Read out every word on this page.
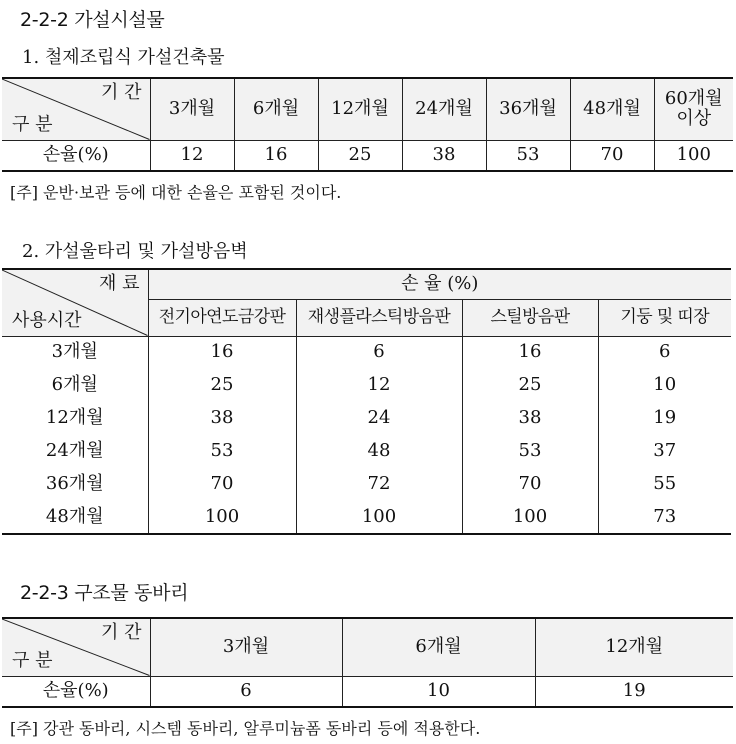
2-2-2 가설시설물
1. 철제조립식 가설건축물
기 간
구 분	3개월	6개월	12개월	24개월	36개월	48개월	60개월
이상
손율(%)	12	16	25	38	53	70	100
[주] 운반·보관 등에 대한 손율은 포함된 것이다.
2. 가설울타리 및 가설방음벽
재 료
사용시간	손 율 (%)			
	전기아연도금강판	재생플라스틱방음판	스틸방음판	기둥 및 띠장
3개월	16	6	16	6
6개월	25	12	25	10
12개월	38	24	38	19
24개월	53	48	53	37
36개월	70	72	70	55
48개월	100	100	100	73
2-2-3 구조물 동바리
기 간
구 분	3개월	6개월	12개월
손율(%)	6	10	19
[주] 강관 동바리, 시스템 동바리, 알루미늄폼 동바리 등에 적용한다.
